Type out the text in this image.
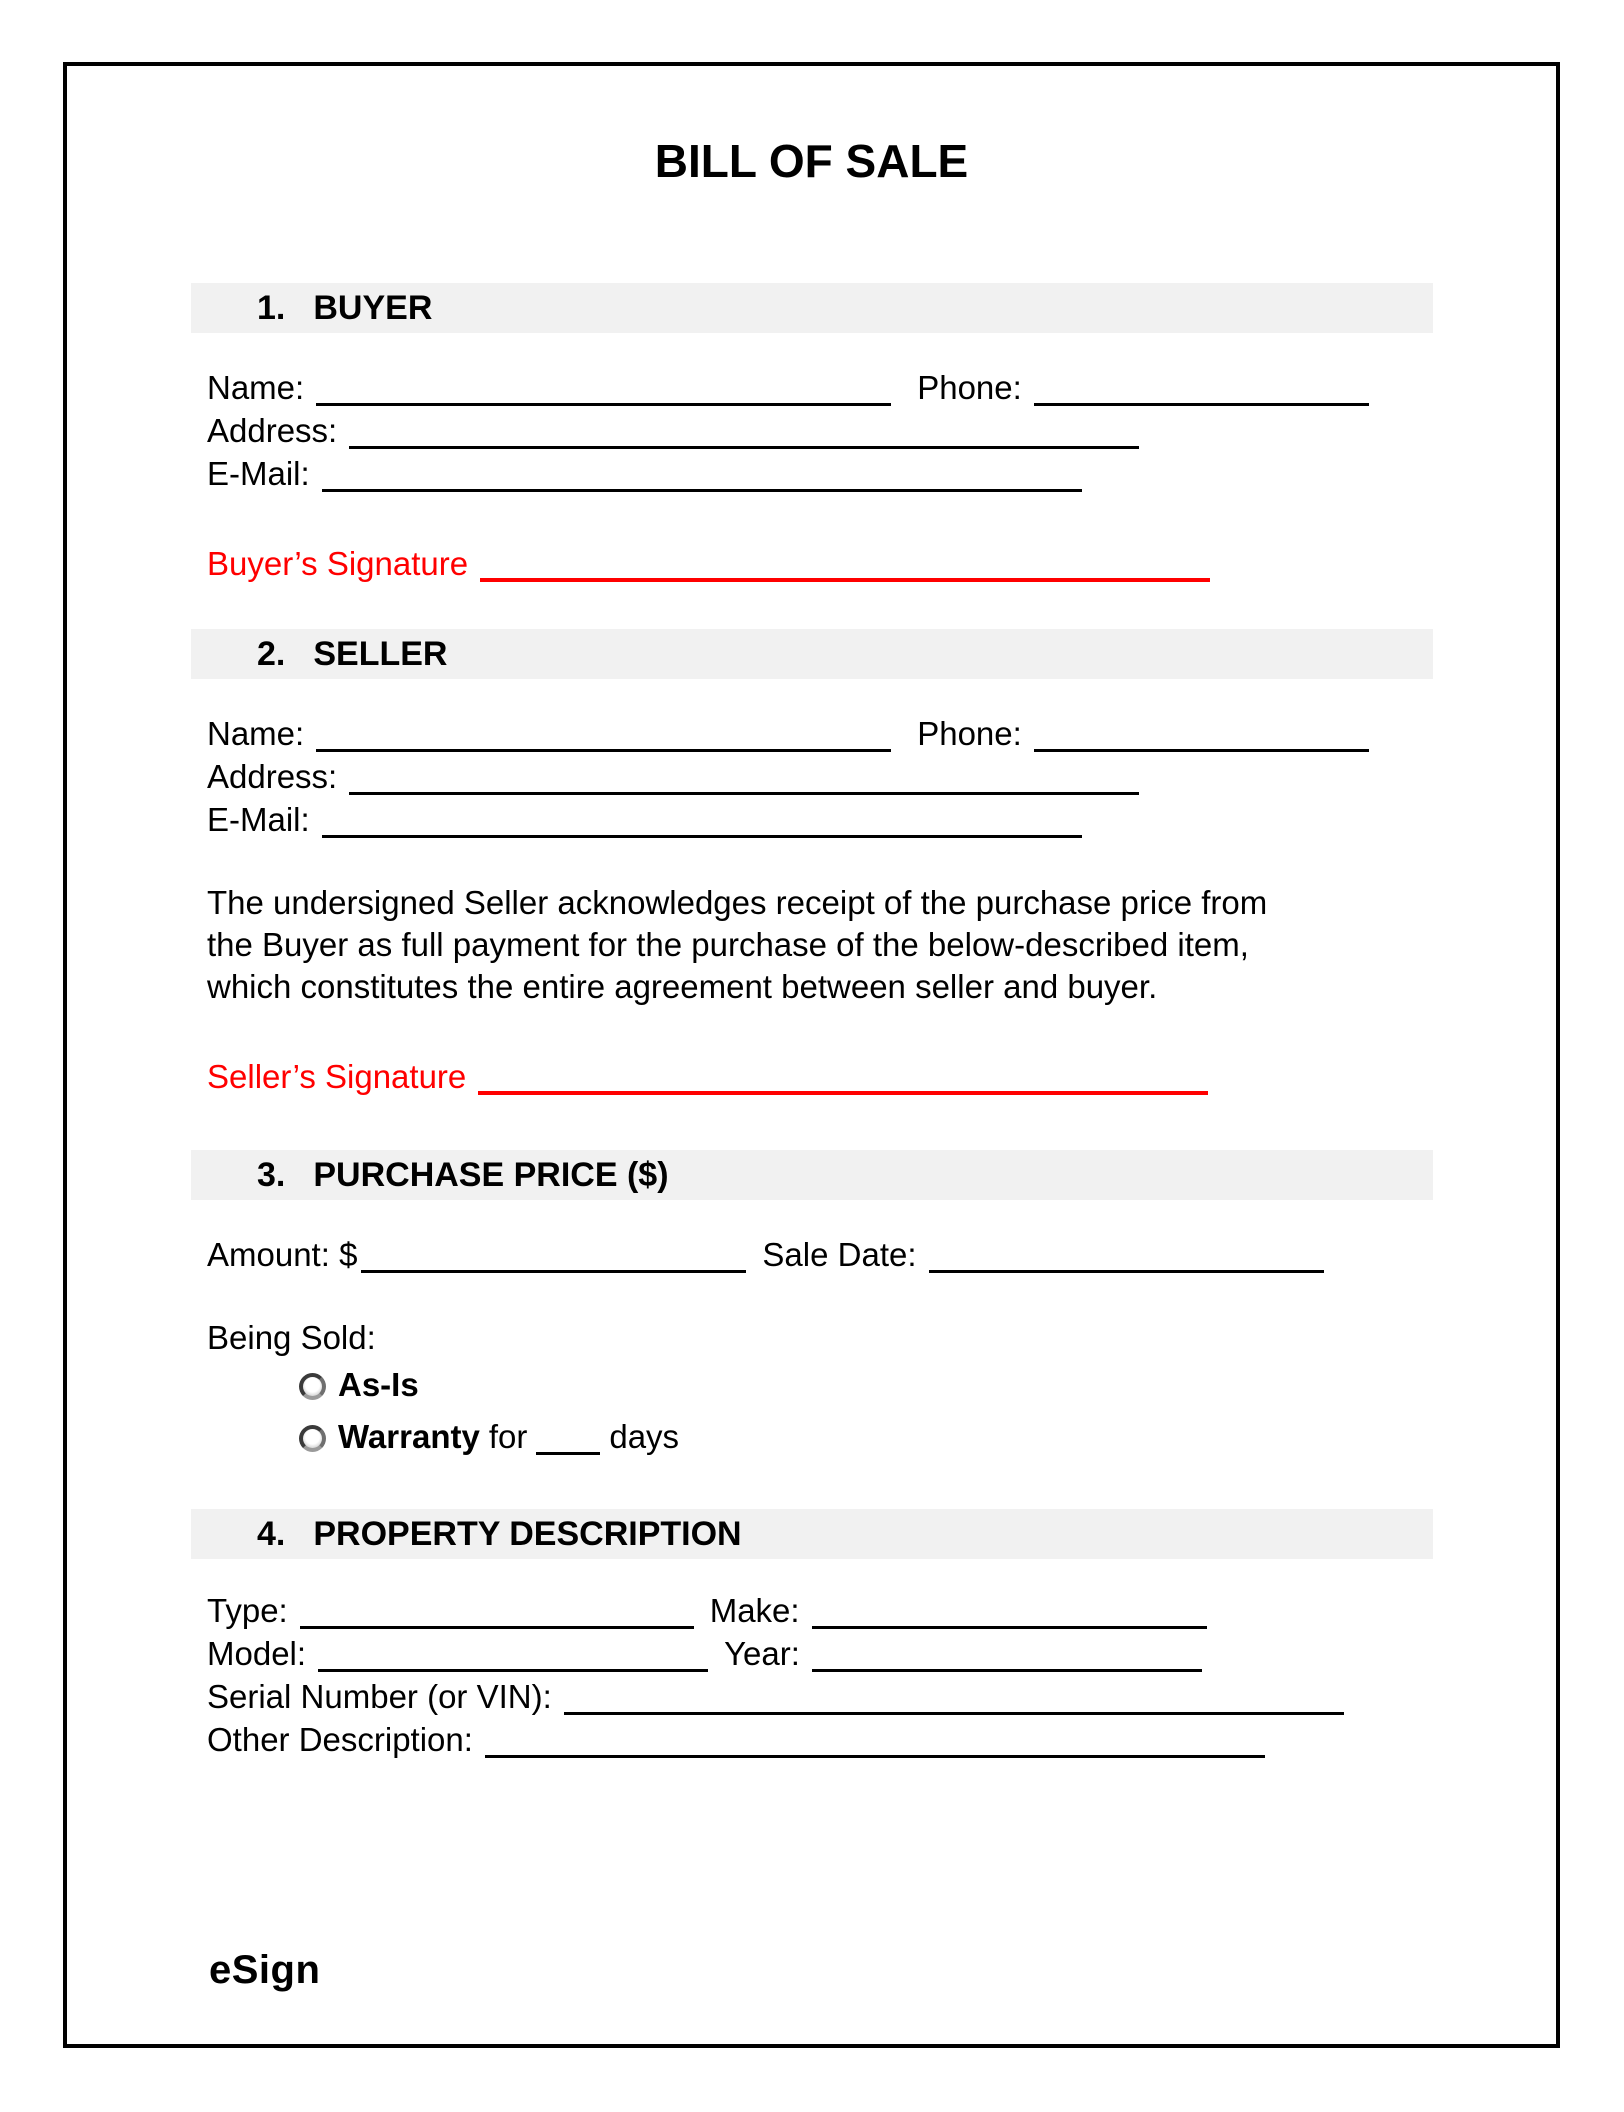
BILL OF SALE
1. BUYER
Name:	Phone:
Address:
E-Mail:
Buyer’s Signature
2. SELLER
Name:	Phone:
Address:
E-Mail:
The undersigned Seller acknowledges receipt of the purchase price from
the Buyer as full payment for the purchase of the below-described item,
which constitutes the entire agreement between seller and buyer.
Seller’s Signature
3. PURCHASE PRICE ($)
Amount: $	Sale Date:
Being Sold:
As-Is
Warranty for days
4. PROPERTY DESCRIPTION
Type:	Make:
Model:	Year:
Serial Number (or VIN):
Other Description:
eSign
